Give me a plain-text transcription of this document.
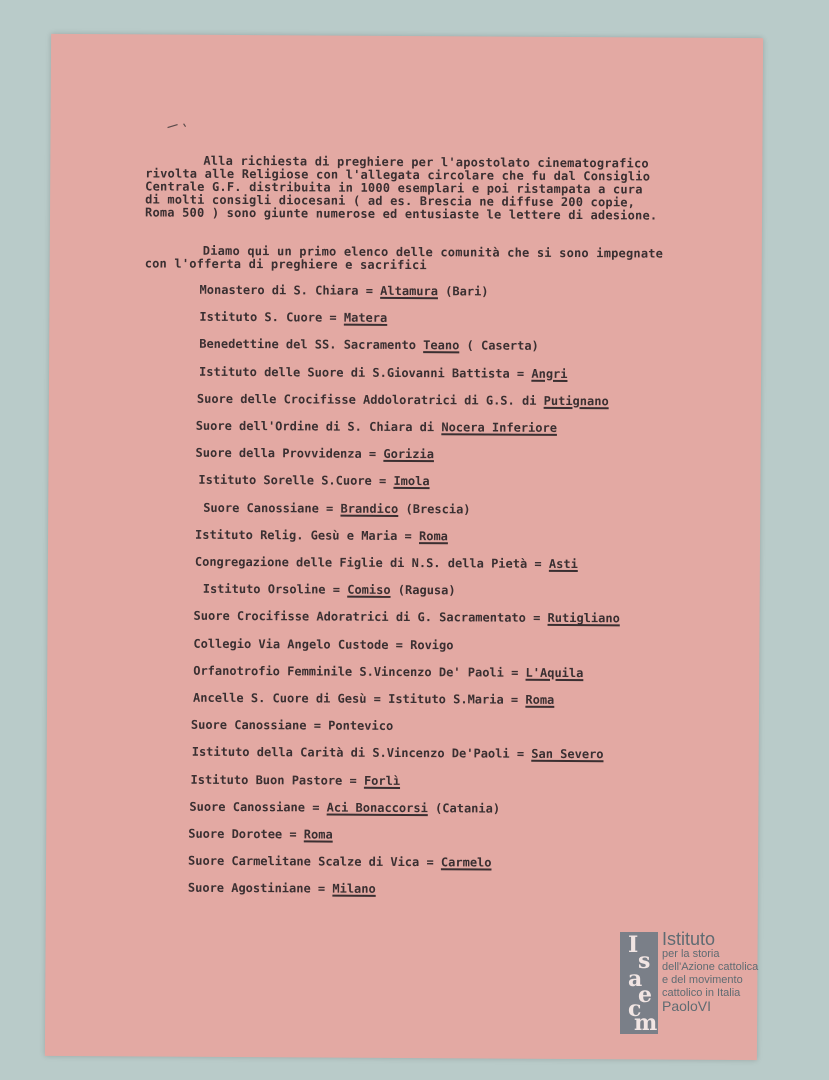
Alla richiesta di preghiere per l'apostolato cinematografico
rivolta alle Religiose con l'allegata circolare che fu dal Consiglio
Centrale G.F. distribuita in 1000 esemplari e poi ristampata a cura
di molti consigli diocesani ( ad es. Brescia ne diffuse 200 copie,
Roma 500 ) sono giunte numerose ed entusiaste le lettere di adesione.
Diamo qui un primo elenco delle comunità che si sono impegnate
con l'offerta di preghiere e sacrifici
Monastero di S. Chiara = Altamura (Bari)
Istituto S. Cuore = Matera
Benedettine del SS. Sacramento Teano ( Caserta)
Istituto delle Suore di S.Giovanni Battista = Angri
Suore delle Crocifisse Addoloratrici di G.S. di Putignano
Suore dell'Ordine di S. Chiara di Nocera Inferiore
Suore della Provvidenza = Gorizia
Istituto Sorelle S.Cuore = Imola
Suore Canossiane = Brandico (Brescia)
Istituto Relig. Gesù e Maria = Roma
Congregazione delle Figlie di N.S. della Pietà = Asti
Istituto Orsoline = Comiso (Ragusa)
Suore Crocifisse Adoratrici di G. Sacramentato = Rutigliano
Collegio Via Angelo Custode = Rovigo
Orfanotrofio Femminile S.Vincenzo De' Paoli = L'Aquila
Ancelle S. Cuore di Gesù = Istituto S.Maria = Roma
Suore Canossiane = Pontevico
Istituto della Carità di S.Vincenzo De'Paoli = San Severo
Istituto Buon Pastore = Forlì
Suore Canossiane = Aci Bonaccorsi (Catania)
Suore Dorotee = Roma
Suore Carmelitane Scalze di Vica = Carmelo
Suore Agostiniane = Milano
I
s
a
e
c
m
Istituto
per la storia
dell'Azione cattolica
e del movimento
cattolico in Italia
PaoloVI
